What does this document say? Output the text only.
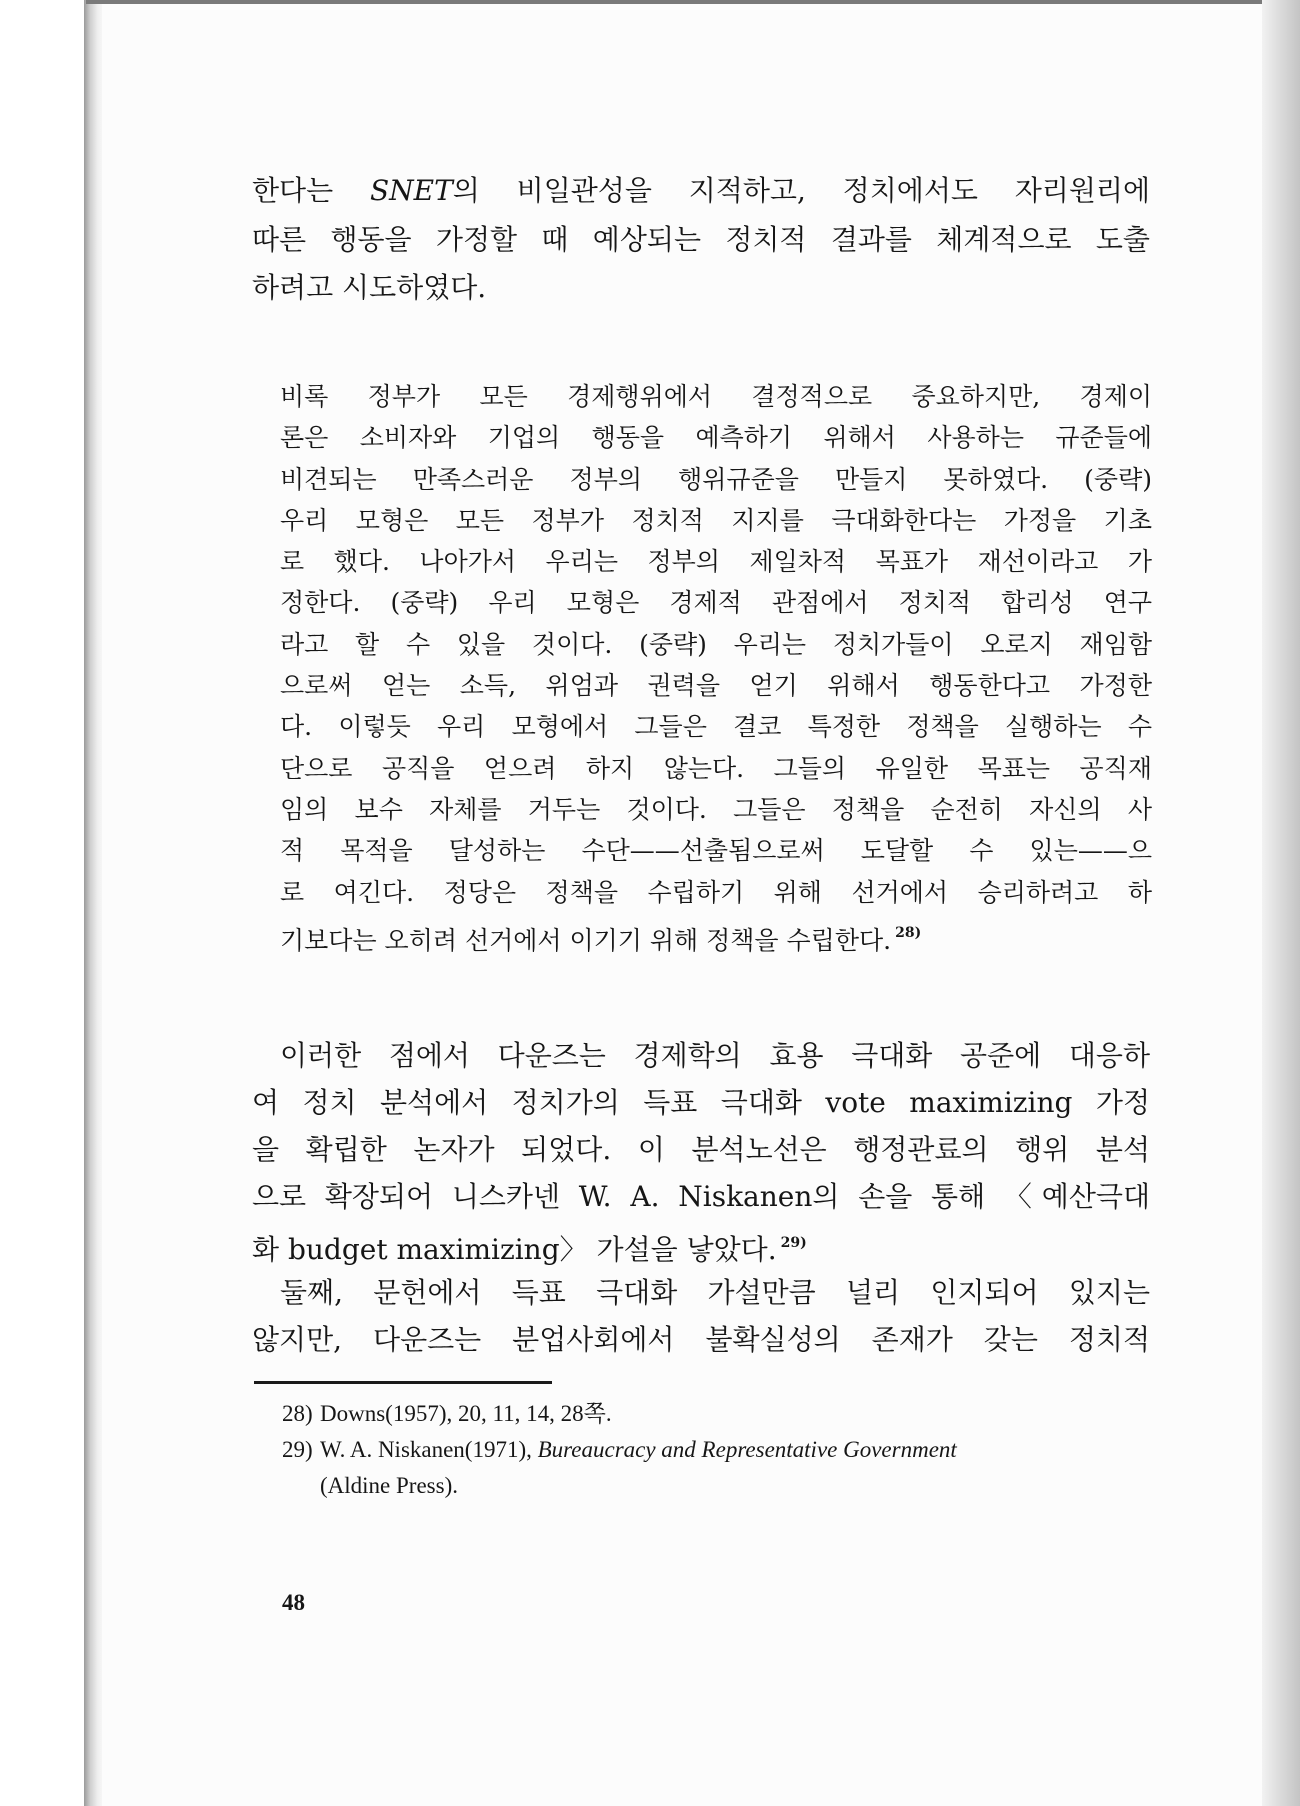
한다는 SNET의 비일관성을 지적하고, 정치에서도 자리원리에
따른 행동을 가정할 때 예상되는 정치적 결과를 체계적으로 도출
하려고 시도하였다.
비록 정부가 모든 경제행위에서 결정적으로 중요하지만, 경제이
론은 소비자와 기업의 행동을 예측하기 위해서 사용하는 규준들에
비견되는 만족스러운 정부의 행위규준을 만들지 못하였다. (중략)
우리 모형은 모든 정부가 정치적 지지를 극대화한다는 가정을 기초
로 했다. 나아가서 우리는 정부의 제일차적 목표가 재선이라고 가
정한다. (중략) 우리 모형은 경제적 관점에서 정치적 합리성 연구
라고 할 수 있을 것이다. (중략) 우리는 정치가들이 오로지 재임함
으로써 얻는 소득, 위엄과 권력을 얻기 위해서 행동한다고 가정한
다. 이렇듯 우리 모형에서 그들은 결코 특정한 정책을 실행하는 수
단으로 공직을 얻으려 하지 않는다. 그들의 유일한 목표는 공직재
임의 보수 자체를 거두는 것이다. 그들은 정책을 순전히 자신의 사
적 목적을 달성하는 수단——선출됨으로써 도달할 수 있는——으
로 여긴다. 정당은 정책을 수립하기 위해 선거에서 승리하려고 하
기보다는 오히려 선거에서 이기기 위해 정책을 수립한다. $^{28)}$
이러한 점에서 다운즈는 경제학의 효용 극대화 공준에 대응하
여 정치 분석에서 정치가의 득표 극대화 vote maximizing 가정
을 확립한 논자가 되었다. 이 분석노선은 행정관료의 행위 분석
으로 확장되어 니스카넨 W. A. Niskanen의 손을 통해 〈예산극대
화 budget maximizing〉 가설을 낳았다. $^{29)}$
둘째, 문헌에서 득표 극대화 가설만큼 널리 인지되어 있지는
않지만, 다운즈는 분업사회에서 불확실성의 존재가 갖는 정치적
28) Downs(1957), 20, 11, 14, 28쪽.
29) W. A. Niskanen(1971), Bureaucracy and Representative Government
(Aldine Press).
48
